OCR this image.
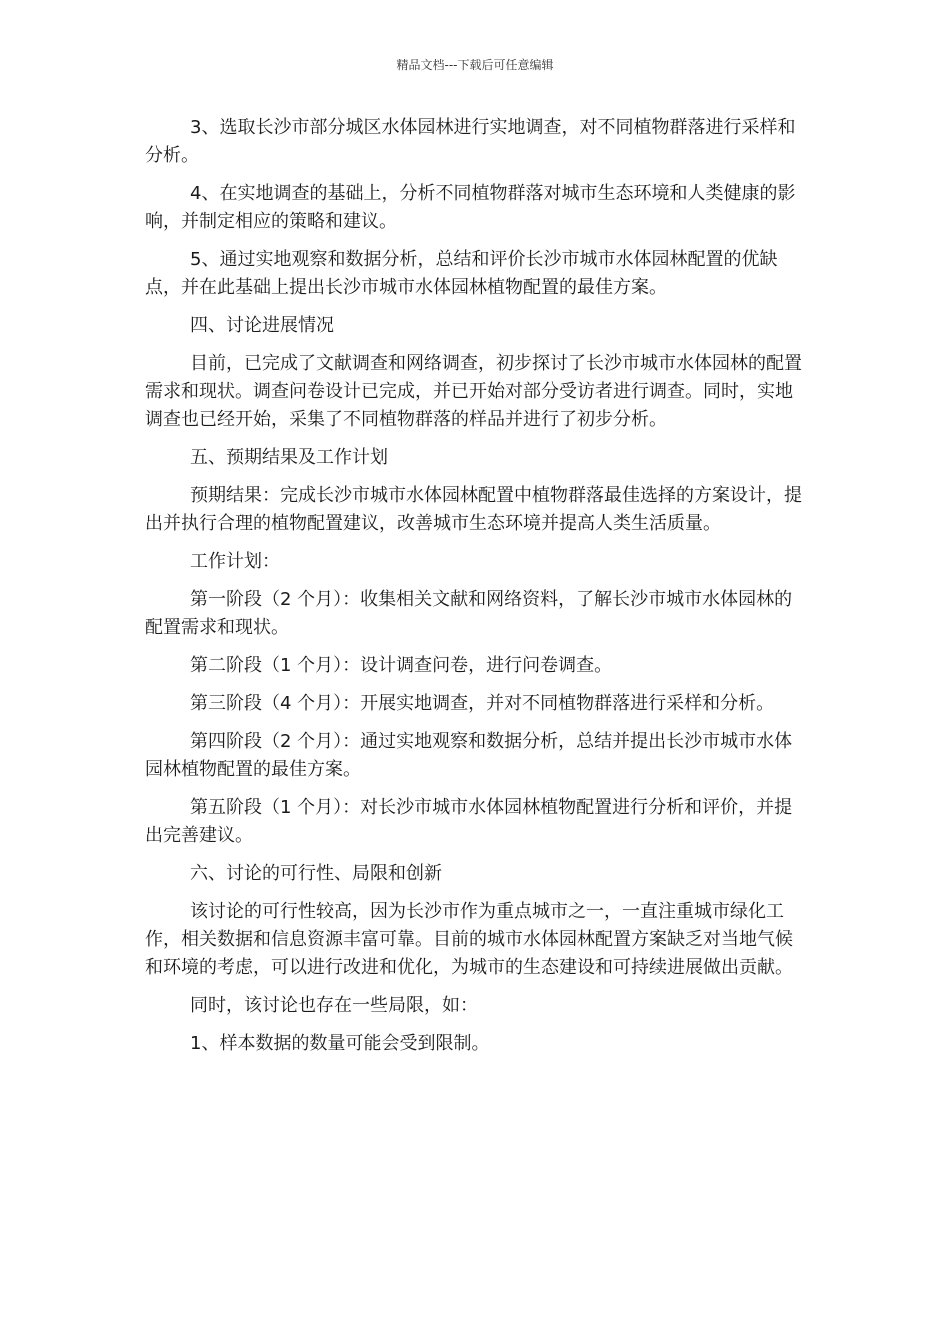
精品文档---下载后可任意编辑

3、选取长沙市部分城区水体园林进行实地调查，对不同植物群落进行采样和分析。

4、在实地调查的基础上，分析不同植物群落对城市生态环境和人类健康的影响，并制定相应的策略和建议。

5、通过实地观察和数据分析，总结和评价长沙市城市水体园林配置的优缺点，并在此基础上提出长沙市城市水体园林植物配置的最佳方案。

四、讨论进展情况

目前，已完成了文献调查和网络调查，初步探讨了长沙市城市水体园林的配置需求和现状。调查问卷设计已完成，并已开始对部分受访者进行调查。同时，实地调查也已经开始，采集了不同植物群落的样品并进行了初步分析。

五、预期结果及工作计划

预期结果：完成长沙市城市水体园林配置中植物群落最佳选择的方案设计，提出并执行合理的植物配置建议，改善城市生态环境并提高人类生活质量。

工作计划：

第一阶段（2 个月）：收集相关文献和网络资料，了解长沙市城市水体园林的配置需求和现状。

第二阶段（1 个月）：设计调查问卷，进行问卷调查。

第三阶段（4 个月）：开展实地调查，并对不同植物群落进行采样和分析。

第四阶段（2 个月）：通过实地观察和数据分析，总结并提出长沙市城市水体园林植物配置的最佳方案。

第五阶段（1 个月）：对长沙市城市水体园林植物配置进行分析和评价，并提出完善建议。

六、讨论的可行性、局限和创新

该讨论的可行性较高，因为长沙市作为重点城市之一，一直注重城市绿化工作，相关数据和信息资源丰富可靠。目前的城市水体园林配置方案缺乏对当地气候和环境的考虑，可以进行改进和优化，为城市的生态建设和可持续进展做出贡献。

同时，该讨论也存在一些局限，如：

1、样本数据的数量可能会受到限制。
